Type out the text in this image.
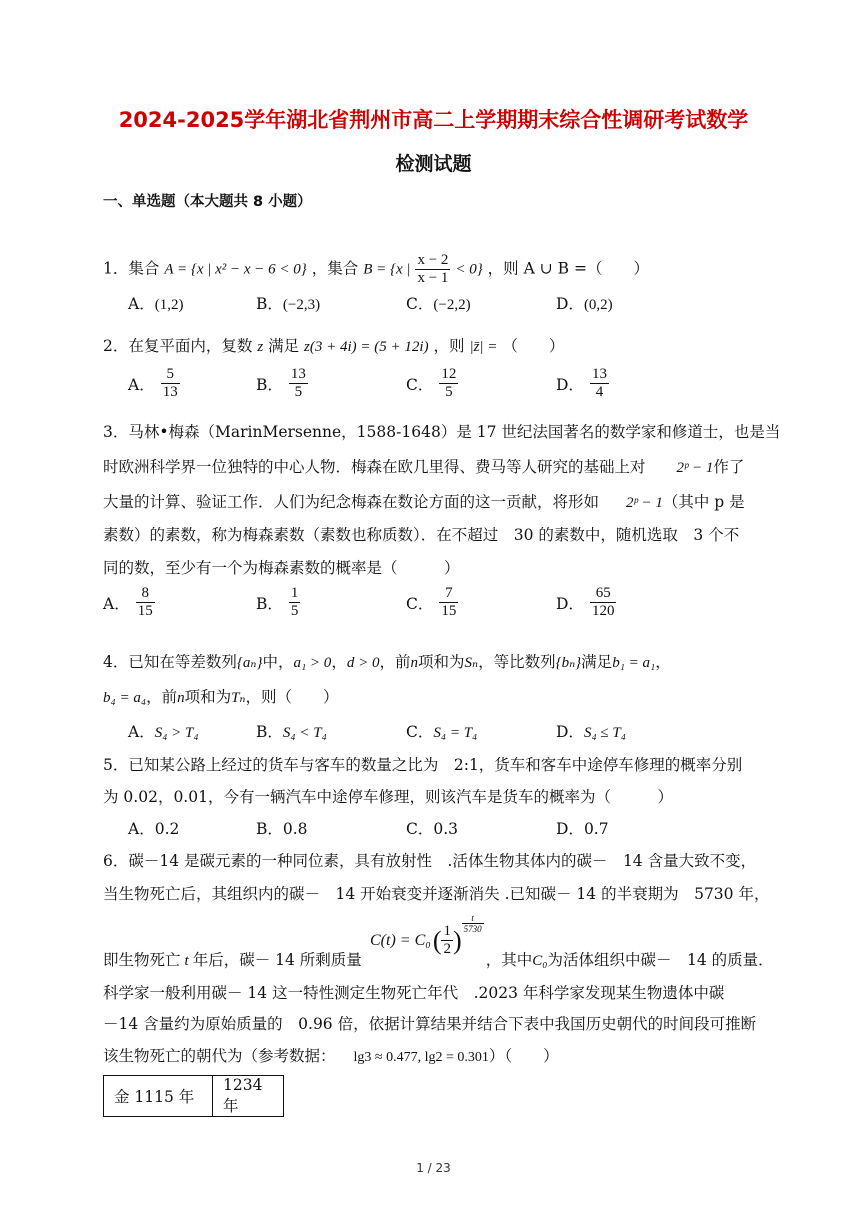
2024-2025学年湖北省荆州市高二上学期期末综合性调研考试数学
检测试题
一、单选题（本大题共 8 小题）
1．集合 A = {x | x² − x − 6 < 0} ，集合 B = {x | $\frac{x - 2}{x - 1} < 0$} ，则 A ∪ B =（　　）
A．(1,2)	B．(−2,3)	C．(−2,2)	D．(0,2)
2．在复平面内，复数 z 满足 z(3 + 4i) = (5 + 12i) ，则 |z̄| = （　　）
A． $\frac{5}{13}$	B． $\frac{13}{5}$	C． $\frac{12}{5}$	D． $\frac{13}{4}$
3．马林•梅森（MarinMersenne，1588-1648）是 17 世纪法国著名的数学家和修道士，也是当
时欧洲科学界一位独特的中心人物．梅森在欧几里得、费马等人研究的基础上对 2ᵖ − 1作了
大量的计算、验证工作．人们为纪念梅森在数论方面的这一贡献，将形如 2ᵖ − 1（其中 p 是
素数）的素数，称为梅森素数（素数也称质数）．在不超过　30 的素数中，随机选取　3 个不
同的数，至少有一个为梅森素数的概率是（　　　）
A． $\frac{8}{15}$	B． $\frac{1}{5}$	C． $\frac{7}{15}$	D． $\frac{65}{120}$
4．已知在等差数列{aₙ}中，a₁ > 0，d > 0，前n项和为Sₙ，等比数列{bₙ}满足b₁ = a₁，
b₄ = a₄，前n项和为Tₙ，则（　　）
A．S₄ > T₄	B．S₄ < T₄	C．S₄ = T₄	D．S₄ ≤ T₄
5．已知某公路上经过的货车与客车的数量之比为　2:1，货车和客车中途停车修理的概率分别
为 0.02，0.01，今有一辆汽车中途停车修理，则该汽车是货车的概率为（　　　）
A．0.2	B．0.8	C．0.3	D．0.7
6．碳－14 是碳元素的一种同位素，具有放射性　.活体生物其体内的碳－　14 含量大致不变，
当生物死亡后，其组织内的碳－　14 开始衰变并逐渐消失 .已知碳－ 14 的半衰期为　5730 年，
C(t) = C₀ ( $\frac{1}{2}$ )
$\frac{t}{5730}$
即生物死亡 t 年后，碳－ 14 所剩质量	，其中C₀为活体组织中碳－　14 的质量．
科学家一般利用碳－ 14 这一特性测定生物死亡年代　.2023 年科学家发现某生物遗体中碳
－14 含量约为原始质量的　0.96 倍，依据计算结果并结合下表中我国历史朝代的时间段可推断
该生物死亡的朝代为（参考数据： lg3 ≈ 0.477, lg2 = 0.301）（　　）
金 1115 年	1234 年
1 / 23
